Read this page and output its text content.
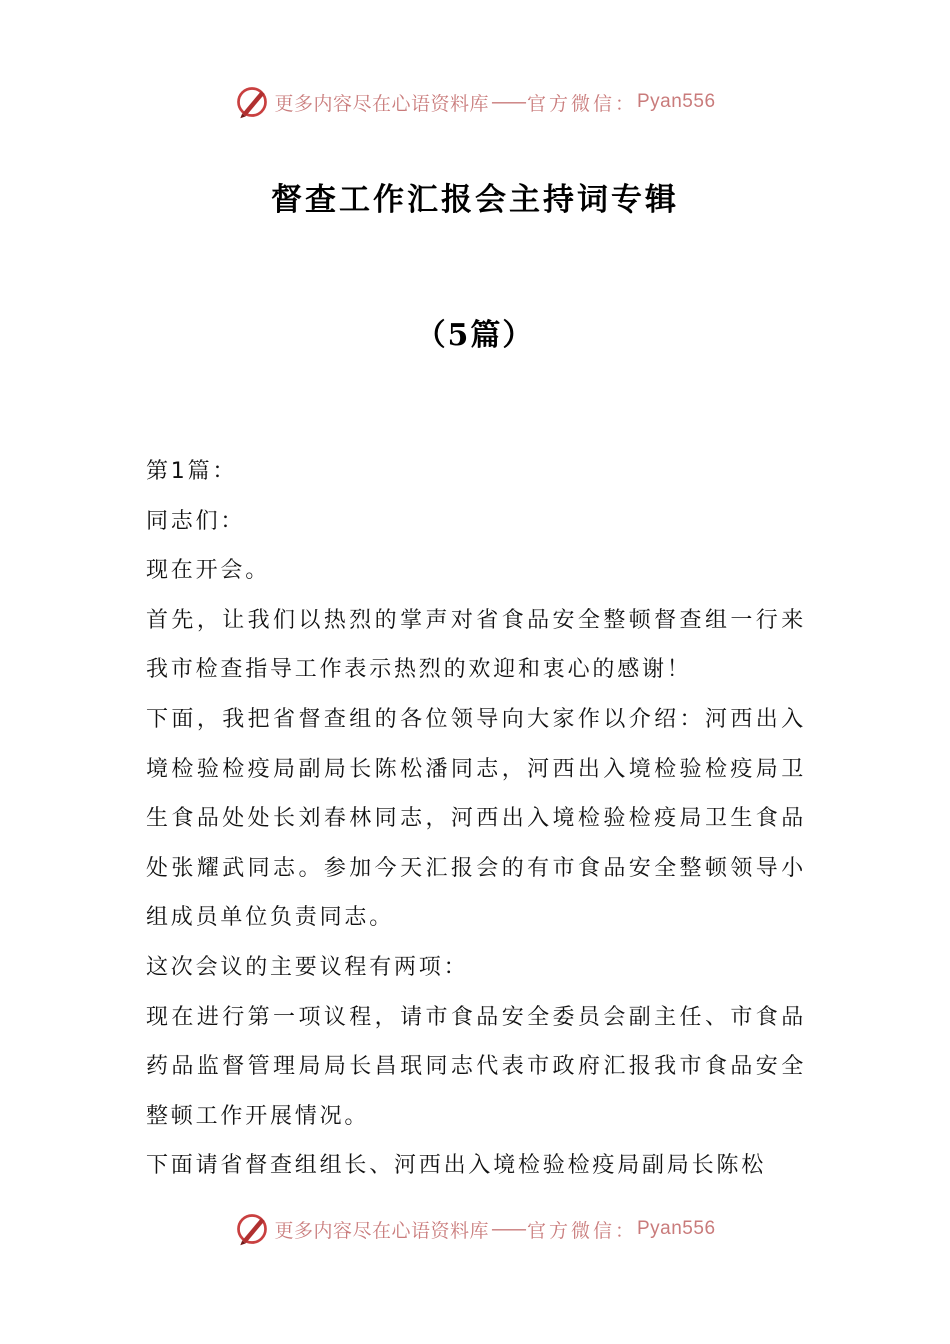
更多内容尽在心语资料库 —— 官方微信： Pyan556
督查工作汇报会主持词专辑
（5篇）

第1篇：

同志们：

现在开会。

首先，让我们以热烈的掌声对省食品安全整顿督查组一行来我市检查指导工作表示热烈的欢迎和衷心的感谢！

下面，我把省督查组的各位领导向大家作以介绍：河西出入境检验检疫局副局长陈松潘同志，河西出入境检验检疫局卫生食品处处长刘春林同志，河西出入境检验检疫局卫生食品处张耀武同志。参加今天汇报会的有市食品安全整顿领导小组成员单位负责同志。

这次会议的主要议程有两项：

现在进行第一项议程，请市食品安全委员会副主任、市食品药品监督管理局局长昌珉同志代表市政府汇报我市食品安全整顿工作开展情况。

下面请省督查组组长、河西出入境检验检疫局副局长陈松

更多内容尽在心语资料库 —— 官方微信： Pyan556
